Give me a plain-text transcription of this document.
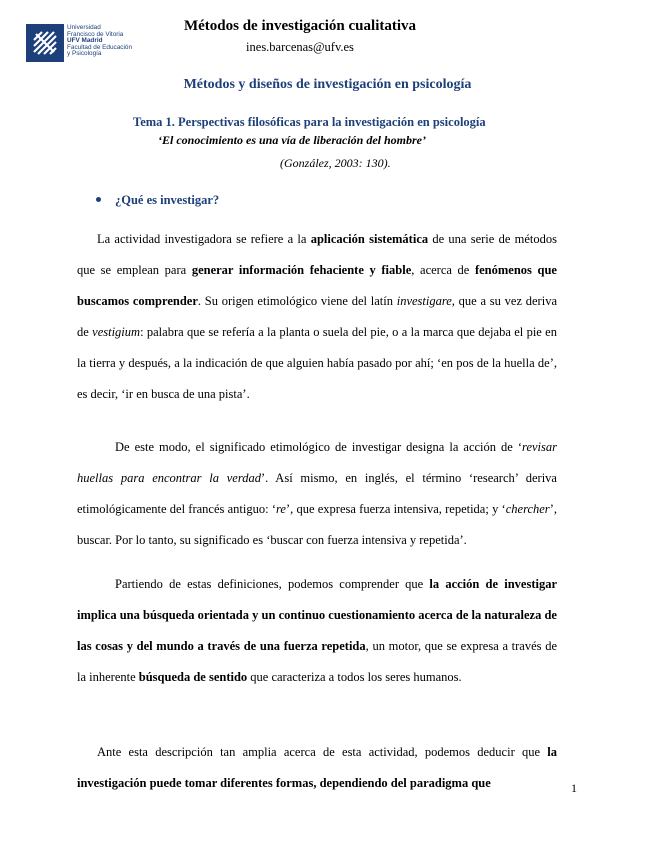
Universidad
Francisco de Vitoria
UFV Madrid
Facultad de Educación
y Psicología
Métodos de investigación cualitativa
ines.barcenas@ufv.es
Métodos y diseños de investigación en psicología
Tema 1. Perspectivas filosóficas para la investigación en psicología
‘El conocimiento es una vía de liberación del hombre’
(González, 2003: 130).
¿Qué es investigar?

La actividad investigadora se refiere a la aplicación sistemática de una serie de métodos que se emplean para generar información fehaciente y fiable, acerca de fenómenos que buscamos comprender. Su origen etimológico viene del latín investigare, que a su vez deriva de vestigium: palabra que se refería a la planta o suela del pie, o a la marca que dejaba el pie en la tierra y después, a la indicación de que alguien había pasado por ahí; ‘en pos de la huella de’, es decir, ‘ir en busca de una pista’.

De este modo, el significado etimológico de investigar designa la acción de ‘revisar huellas para encontrar la verdad’. Así mismo, en inglés, el término ‘research’ deriva etimológicamente del francés antiguo: ‘re’, que expresa fuerza intensiva, repetida; y ‘chercher’, buscar. Por lo tanto, su significado es ‘buscar con fuerza intensiva y repetida’.

Partiendo de estas definiciones, podemos comprender que la acción de investigar implica una búsqueda orientada y un continuo cuestionamiento acerca de la naturaleza de las cosas y del mundo a través de una fuerza repetida, un motor, que se expresa a través de la inherente búsqueda de sentido que caracteriza a todos los seres humanos.

Ante esta descripción tan amplia acerca de esta actividad, podemos deducir que la investigación puede tomar diferentes formas, dependiendo del paradigma que	1
